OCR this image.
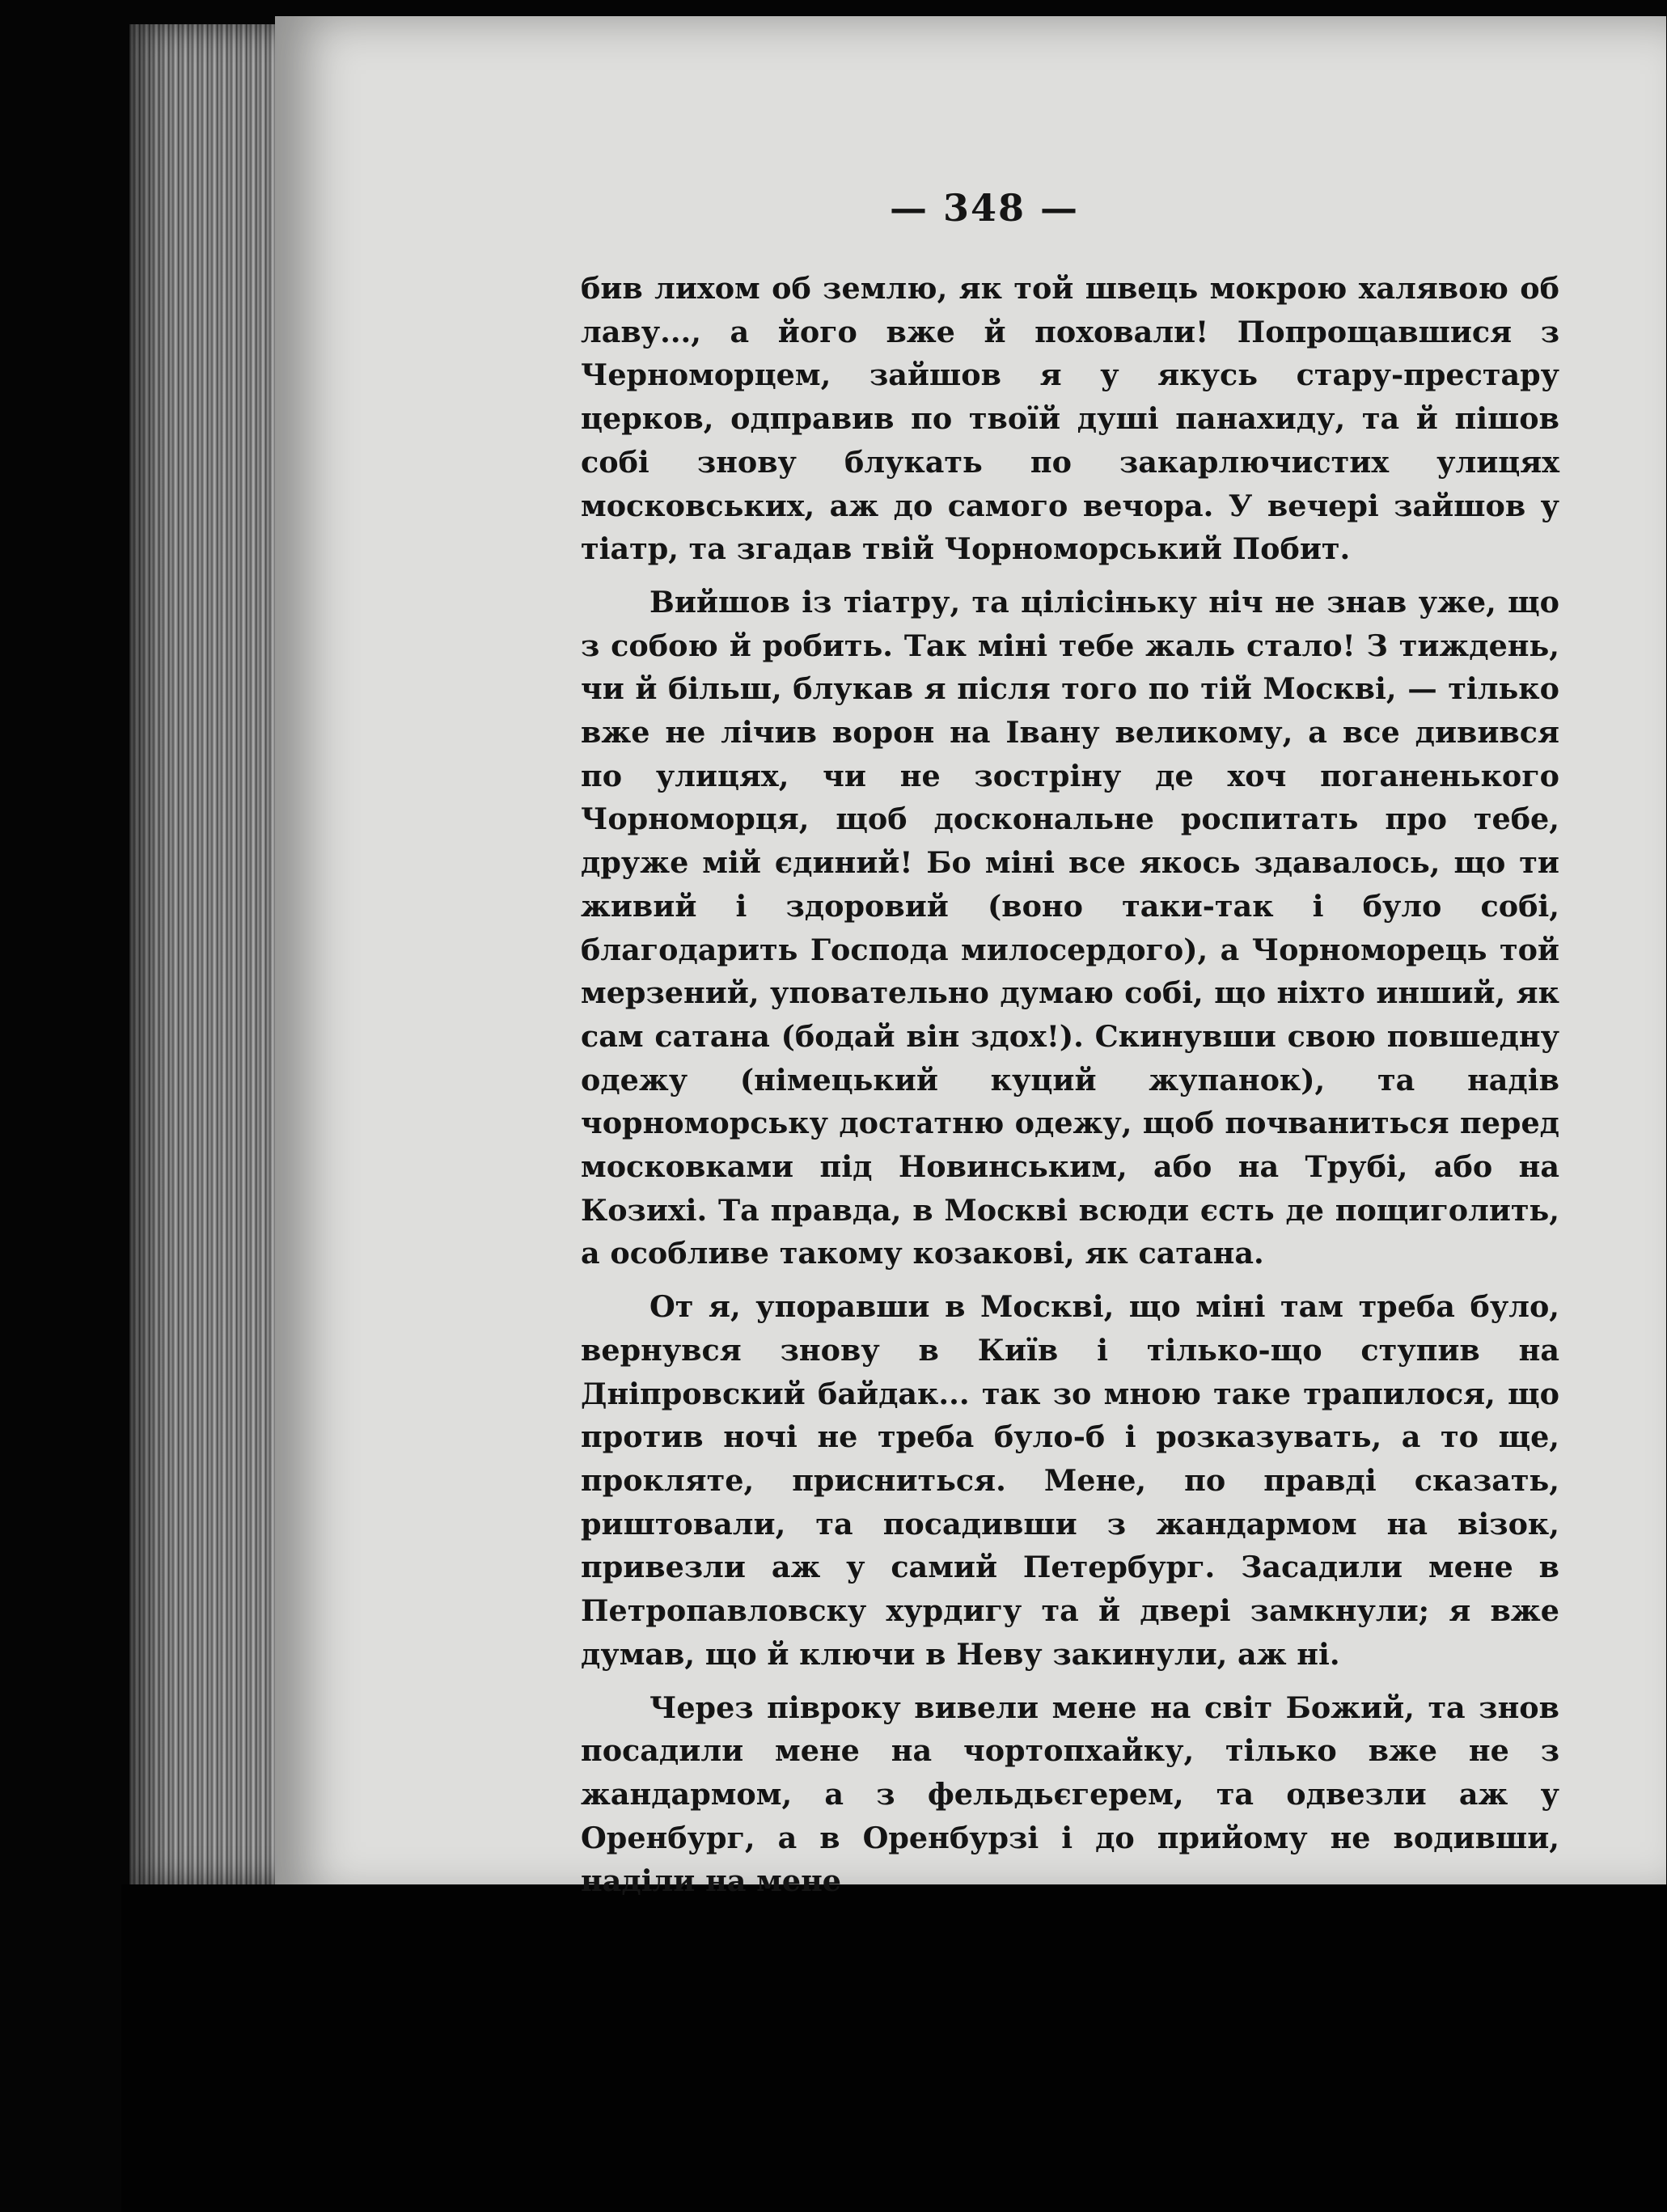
— 348 —

бив лихом об землю, як той швець мокрою халявою об лаву..., а його вже й поховали! Попрощавшися з Черноморцем, зайшов я у якусь стару-престару церков, одправив по твоїй душі панахиду, та й пішов собі знову блукать по закарлючистих улицях московських, аж до самого вечора. У вечері зайшов у тіатр, та згадав твій Чорноморський Побит.

Вийшов із тіатру, та цілісіньку ніч не знав уже, що з собою й робить. Так міні тебе жаль стало! З тиждень, чи й більш, блукав я після того по тій Москві, — тілько вже не лічив ворон на Івану великому, а все дивився по улицях, чи не зостріну де хоч поганенького Чорноморця, щоб доскональне роспитать про тебе, друже мій єдиний! Бо міні все якось здавалось, що ти живий і здоровий (воно таки-так і було собі, благодарить Господа милосердого), а Чорноморець той мерзений, уповательно думаю собі, що ніхто инший, як сам сатана (бодай він здох!). Скинувши свою повшедну одежу (німецький куций жупанок), та надів чорноморську достатню одежу, щоб почваниться перед московками під Новинським, або на Трубі, або на Козихі. Та правда, в Москві всюди єсть де пощиголить, а особливе такому козакові, як сатана.

От я, упоравши в Москві, що міні там треба було, вернувся знову в Київ і тілько-що ступив на Дніпровский байдак... так зо мною таке трапилося, що против ночі не треба було-б і розказувать, а то ще, прокляте, присниться. Мене, по правді сказать, риштовали, та посадивши з жандармом на візок, привезли аж у самий Петербург. Засадили мене в Петропавловску хурдигу та й двері замкнули; я вже думав, що й ключи в Неву закинули, аж ні.

Через півроку вивели мене на світ Божий, та знов посадили мене на чортопхайку, тілько вже не з жандармом, а з фельдьєгерем, та одвезли аж у Оренбург, а в Оренбурзі і до прийому не водивши, наділи на мене
